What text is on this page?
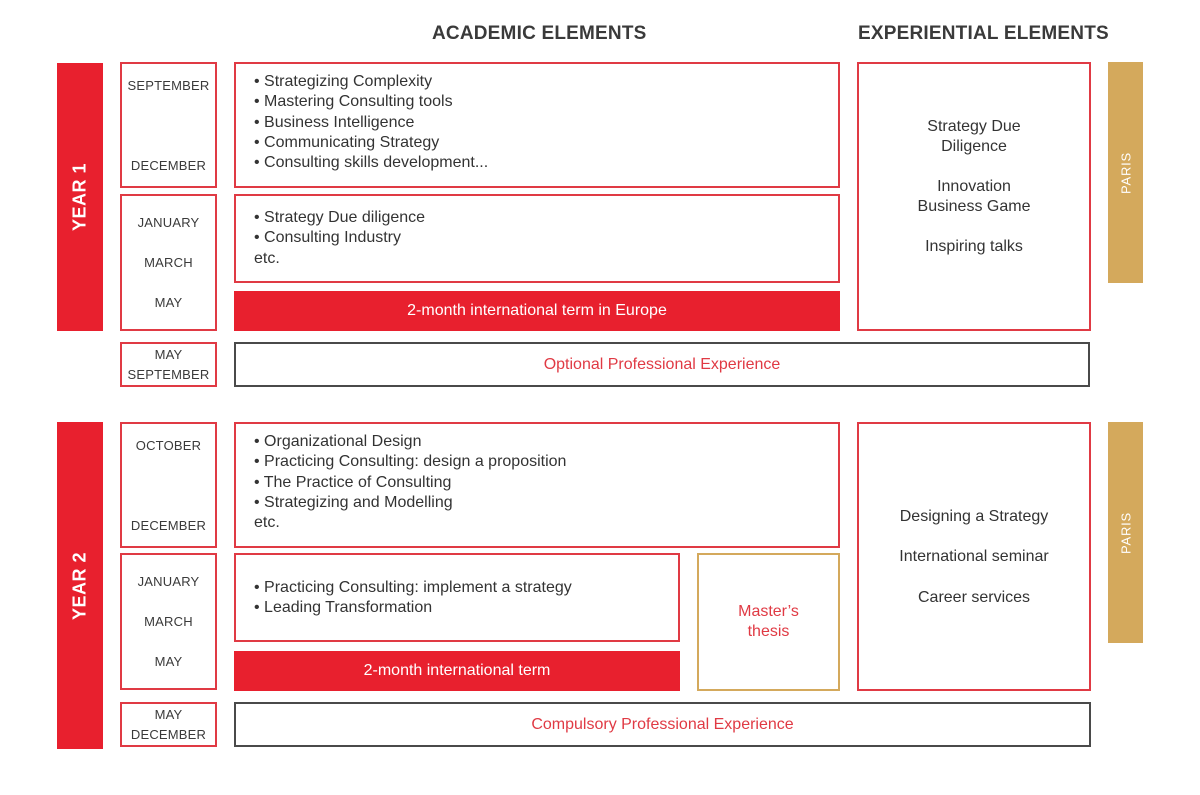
ACADEMIC ELEMENTS	EXPERIENTIAL ELEMENTS
YEAR 1	PARIS
SEPTEMBER
DECEMBER
• Strategizing Complexity
• Mastering Consulting tools
• Business Intelligence
• Communicating Strategy
• Consulting skills development...
JANUARY
MARCH
MAY
• Strategy Due diligence
• Consulting Industry
etc.
2-month international term in Europe
Strategy Due
Diligence
Innovation
Business Game
Inspiring talks
MAY
SEPTEMBER
Optional Professional Experience
YEAR 2
PARIS
OCTOBER
DECEMBER
• Organizational Design
• Practicing Consulting: design a proposition
• The Practice of Consulting
• Strategizing and Modelling
etc.
JANUARY
MARCH
MAY
• Practicing Consulting: implement a strategy
• Leading Transformation
2-month international term
Master’s
thesis
Designing a Strategy
International seminar
Career services
MAY
DECEMBER
Compulsory Professional Experience
